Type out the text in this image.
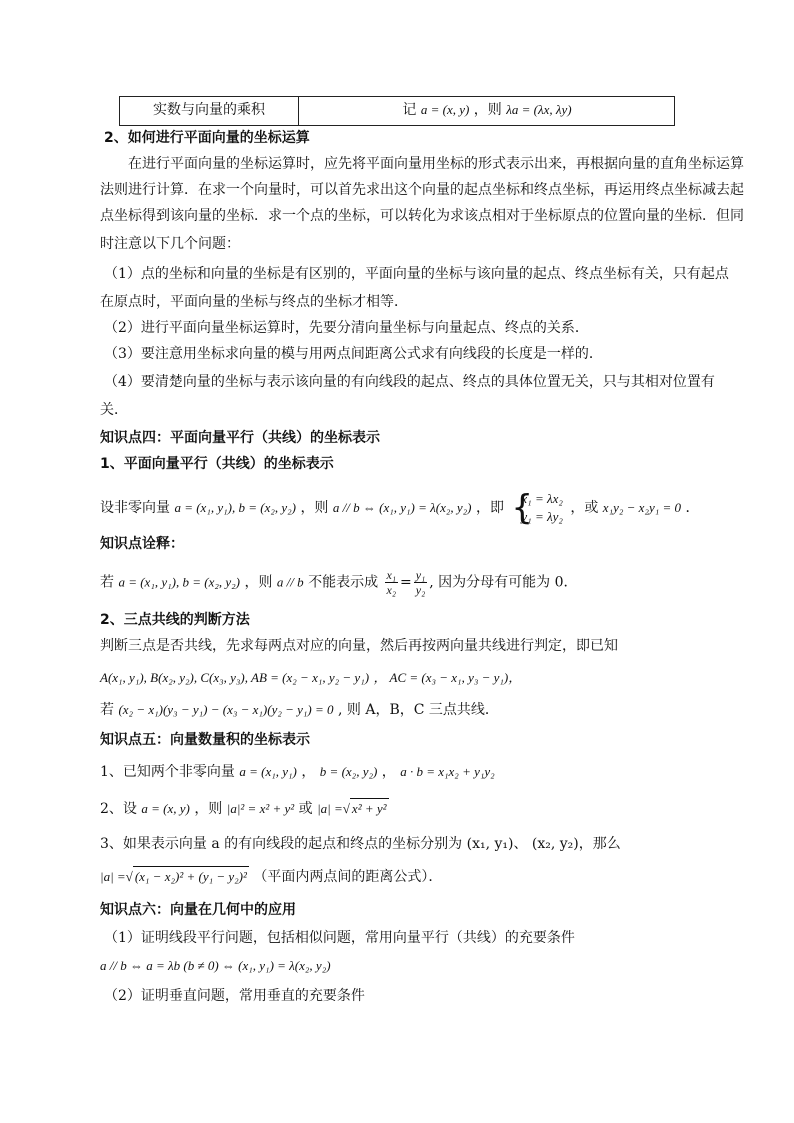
实数与向量的乘积	记 a = (x, y) ，则 λa = (λx, λy)
2、如何进行平面向量的坐标运算
在进行平面向量的坐标运算时，应先将平面向量用坐标的形式表示出来，再根据向量的直角坐标运算
法则进行计算．在求一个向量时，可以首先求出这个向量的起点坐标和终点坐标，再运用终点坐标减去起
点坐标得到该向量的坐标．求一个点的坐标，可以转化为求该点相对于坐标原点的位置向量的坐标．但同
时注意以下几个问题：
（1）点的坐标和向量的坐标是有区别的，平面向量的坐标与该向量的起点、终点坐标有关，只有起点
在原点时，平面向量的坐标与终点的坐标才相等．
（2）进行平面向量坐标运算时，先要分清向量坐标与向量起点、终点的关系．
（3）要注意用坐标求向量的模与用两点间距离公式求有向线段的长度是一样的．
（4）要清楚向量的坐标与表示该向量的有向线段的起点、终点的具体位置无关，只与其相对位置有
关．
知识点四：平面向量平行（共线）的坐标表示
1、平面向量平行（共线）的坐标表示
设非零向量 a = (x₁, y₁), b = (x₂, y₂) ，则 a // b ⇔ (x₁, y₁) = λ(x₂, y₂) ，即 {
x₁ = λx₂
y₁ = λy₂
，或 x₁y₂ − x₂y₁ = 0 ．
知识点诠释：
若 a = (x₁, y₁), b = (x₂, y₂) ，则 a // b 不能表示成 $\frac{\text{x₁}}{\text{x₂}} = \frac{\text{y₁}}{\text{y₂}}$ , 因为分母有可能为 0．
2、三点共线的判断方法
判断三点是否共线，先求每两点对应的向量，然后再按两向量共线进行判定，即已知
A(x₁, y₁), B(x₂, y₂), C(x₃, y₃), AB = (x₂ − x₁, y₂ − y₁) ， AC = (x₃ − x₁, y₃ − y₁)，
若 (x₂ − x₁)(y₃ − y₁) − (x₃ − x₁)(y₂ − y₁) = 0 , 则 A，B，C 三点共线．
知识点五：向量数量积的坐标表示
1、已知两个非零向量 a = (x₁, y₁) ， b = (x₂, y₂) ， a · b = x₁x₂ + y₁y₂
2、设 a = (x, y) ，则 |a|² = x² + y² 或 |a| =√ x² + y²
3、如果表示向量 a 的有向线段的起点和终点的坐标分别为 (x₁, y₁)、 (x₂, y₂)，那么
|a| =√ (x₁ − x₂)² + (y₁ − y₂)² （平面内两点间的距离公式）．
知识点六：向量在几何中的应用
（1）证明线段平行问题，包括相似问题，常用向量平行（共线）的充要条件
a // b ⇔ a = λb (b ≠ 0) ⇔ (x₁, y₁) = λ(x₂, y₂)
（2）证明垂直问题，常用垂直的充要条件
